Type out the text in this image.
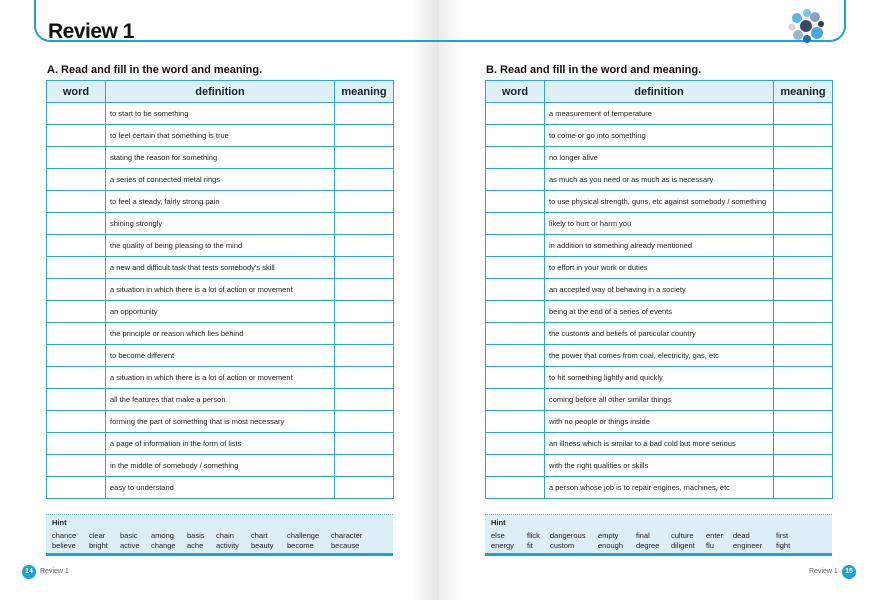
Review 1
A. Read and fill in the word and meaning.	B. Read and fill in the word and meaning.
word	definition	meaning
	to start to be something	
	to feel certain that something is true	
	stating the reason for something	
	a series of connected metal rings	
	to feel a steady, fairly strong pain	
	shining strongly	
	the quality of being pleasing to the mind	
	a new and difficult task that tests somebody's skill	
	a situation in which there is a lot of action or movement	
	an opportunity	
	the principle or reason which lies behind	
	to become different	
	a situation in which there is a lot of action or movement	
	all the features that make a person	
	forming the part of something that is most necessary	
	a page of information in the form of lists	
	in the middle of somebody / something	
	easy to understand	
word	definition	meaning
	a measurement of temperature	
	to come or go into something	
	no longer alive	
	as much as you need or as much as is necessary	
	to use physical strength, guns, etc against somebody / something	
	likely to hurt or harm you	
	in addition to something already mentioned	
	to effort in your work or duties	
	an accepted way of behaving in a society	
	being at the end of a series of events	
	the customs and beliefs of particular country	
	the power that comes from coal, electricity, gas, etc	
	to hit something lightly and quickly	
	coming before all other similar things	
	with no people or things inside	
	an illness which is similar to a bad cold but more serious	
	with the right qualities or skills	
	a person whose job is to repair engines, machines, etc	
Hint
chance clear basic among basis chain chart	challenge character
believe bright active change ache activity beauty become because
Hint
else	flick dangerous empty final	culture enter dead	first
energy fit custom	enough degree diligent flu	engineer fight
14	Review 1	Review 1	15
